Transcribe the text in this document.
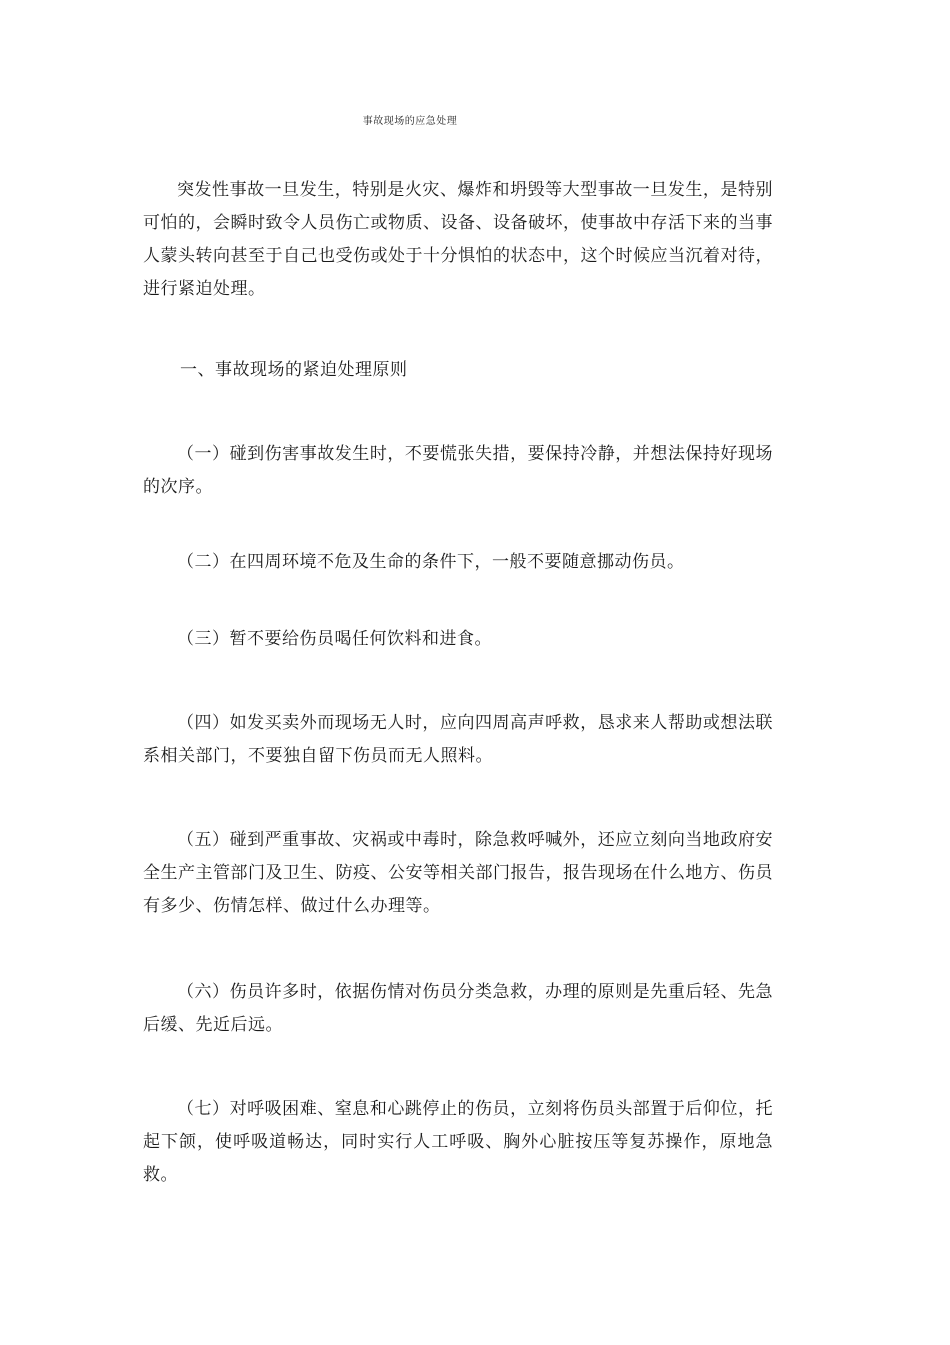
事故现场的应急处理

突发性事故一旦发生，特别是火灾、爆炸和坍毁等大型事故一旦发生，是特别可怕的，会瞬时致令人员伤亡或物质、设备、设备破坏，使事故中存活下来的当事人蒙头转向甚至于自己也受伤或处于十分惧怕的状态中，这个时候应当沉着对待，进行紧迫处理。

一、事故现场的紧迫处理原则

（一）碰到伤害事故发生时，不要慌张失措，要保持冷静，并想法保持好现场的次序。

（二）在四周环境不危及生命的条件下，一般不要随意挪动伤员。

（三）暂不要给伤员喝任何饮料和进食。

（四）如发买卖外而现场无人时，应向四周高声呼救，恳求来人帮助或想法联系相关部门，不要独自留下伤员而无人照料。

（五）碰到严重事故、灾祸或中毒时，除急救呼喊外，还应立刻向当地政府安全生产主管部门及卫生、防疫、公安等相关部门报告，报告现场在什么地方、伤员有多少、伤情怎样、做过什么办理等。

（六）伤员许多时，依据伤情对伤员分类急救，办理的原则是先重后轻、先急后缓、先近后远。

（七）对呼吸困难、窒息和心跳停止的伤员，立刻将伤员头部置于后仰位，托起下颌，使呼吸道畅达，同时实行人工呼吸、胸外心脏按压等复苏操作，原地急救。
